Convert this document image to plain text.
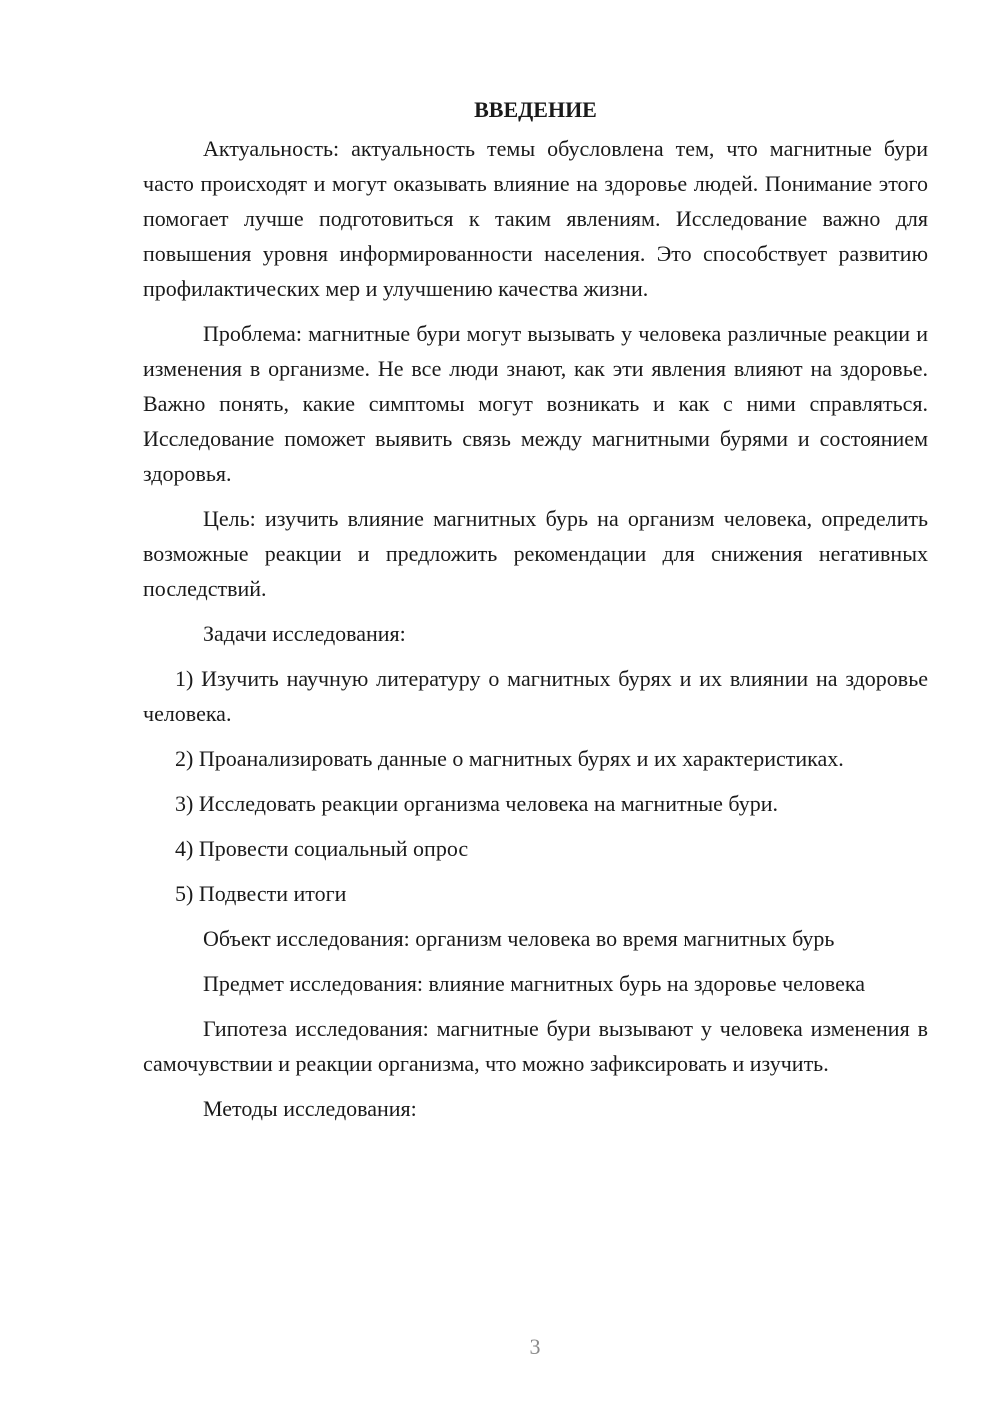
ВВЕДЕНИЕ

Актуальность: актуальность темы обусловлена тем, что магнитные бури часто происходят и могут оказывать влияние на здоровье людей. Понимание этого помогает лучше подготовиться к таким явлениям. Исследование важно для повышения уровня информированности населения. Это способствует развитию профилактических мер и улучшению качества жизни.

Проблема: магнитные бури могут вызывать у человека различные реакции и изменения в организме. Не все люди знают, как эти явления влияют на здоровье. Важно понять, какие симптомы могут возникать и как с ними справляться. Исследование поможет выявить связь между магнитными бурями и состоянием здоровья.

Цель: изучить влияние магнитных бурь на организм человека, определить возможные реакции и предложить рекомендации для снижения негативных последствий.

Задачи исследования:

1) Изучить научную литературу о магнитных бурях и их влиянии на здоровье человека.

2) Проанализировать данные о магнитных бурях и их характеристиках.

3) Исследовать реакции организма человека на магнитные бури.

4) Провести социальный опрос

5) Подвести итоги

Объект исследования: организм человека во время магнитных бурь

Предмет исследования: влияние магнитных бурь на здоровье человека

Гипотеза исследования: магнитные бури вызывают у человека изменения в самочувствии и реакции организма, что можно зафиксировать и изучить.

Методы исследования:

3
